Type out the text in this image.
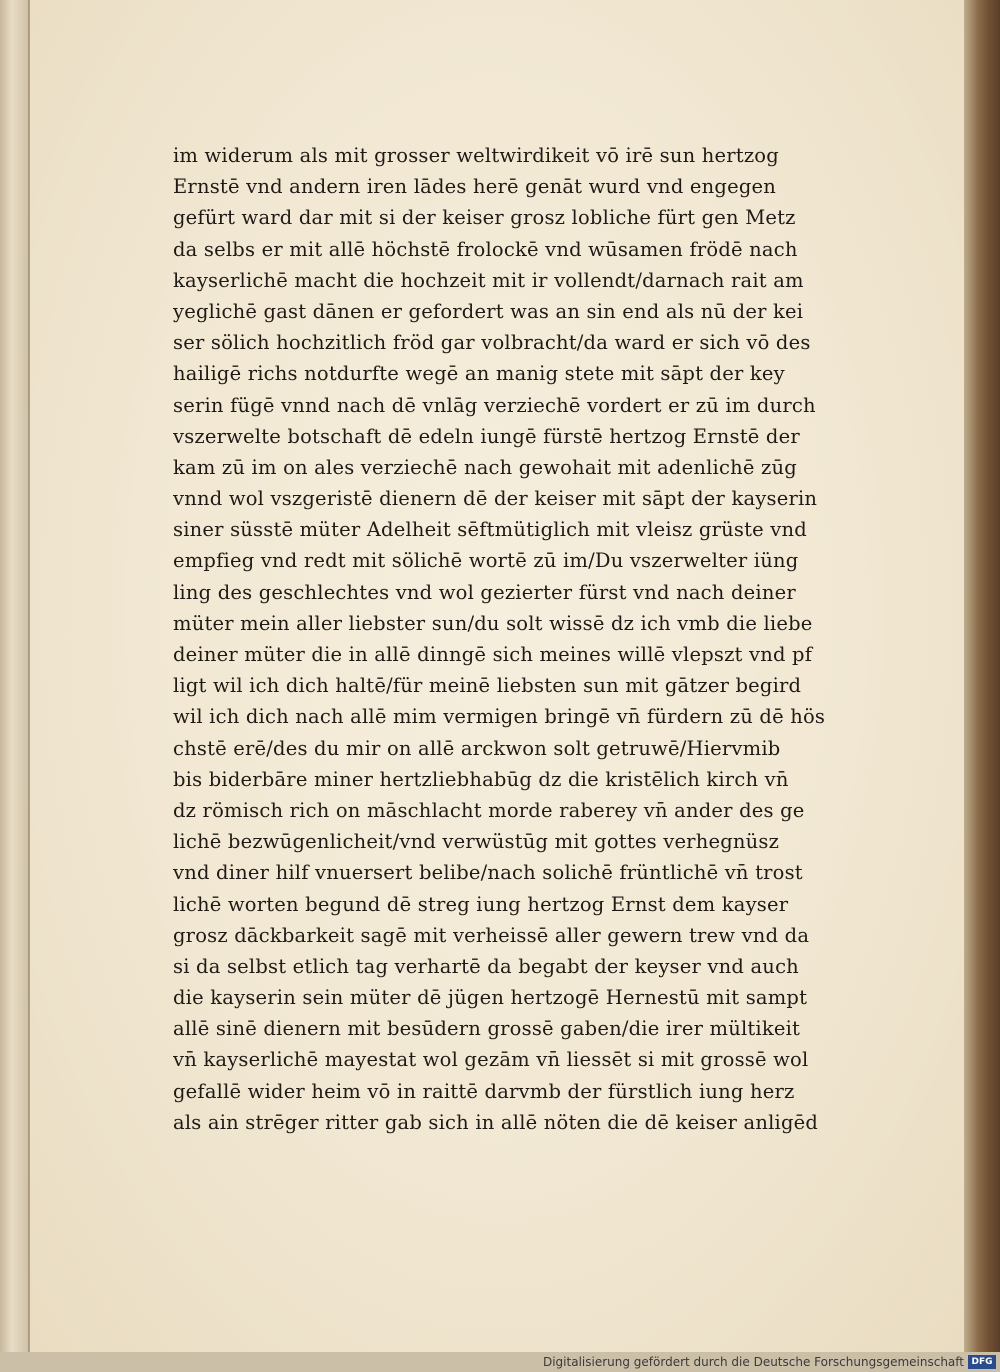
im widerum als mit grosser weltwirdikeit vō irē sun hertzog
Ernstē vnd andern iren lādes herē genāt wurd vnd engegen
gefürt ward dar mit si der keiser grosz lobliche fürt gen Metz
da selbs er mit allē höchstē frolockē vnd wūsamen frödē nach
kayserlichē macht die hochzeit mit ir vollendt/darnach rait am
yeglichē gast dānen er gefordert was an sin end als nū der kei
ser sölich hochzitlich fröd gar volbracht/da ward er sich vō des
hailigē richs notdurfte wegē an manig stete mit sāpt der key
serin fügē vnnd nach dē vnlāg verziechē vordert er zū im durch
vszerwelte botschaft dē edeln iungē fürstē hertzog Ernstē der
kam zū im on ales verziechē nach gewohait mit adenlichē zūg
vnnd wol vszgeristē dienern dē der keiser mit sāpt der kayserin
siner süsstē müter Adelheit sēftmütiglich mit vleisz grüste vnd
empfieg vnd redt mit sölichē wortē zū im/Du vszerwelter iüng
ling des geschlechtes vnd wol gezierter fürst vnd nach deiner
müter mein aller liebster sun/du solt wissē dz ich vmb die liebe
deiner müter die in allē dinngē sich meines willē vlepszt vnd pf
ligt wil ich dich haltē/für meinē liebsten sun mit gātzer begird
wil ich dich nach allē mim vermigen bringē vn̄ fürdern zū dē hös
chstē erē/des du mir on allē arckwon solt getruwē/Hiervmib
bis biderbāre miner hertzliebhabūg dz die kristēlich kirch vn̄
dz römisch rich on māschlacht morde raberey vn̄ ander des ge
lichē bezwūgenlicheit/vnd verwüstūg mit gottes verhegnüsz
vnd diner hilf vnuersert belibe/nach solichē früntlichē vn̄ trost
lichē worten begund dē streg iung hertzog Ernst dem kayser
grosz dāckbarkeit sagē mit verheissē aller gewern trew vnd da
si da selbst etlich tag verhartē da begabt der keyser vnd auch
die kayserin sein müter dē jügen hertzogē Hernestū mit sampt
allē sinē dienern mit besūdern grossē gaben/die irer mültikeit
vn̄ kayserlichē mayestat wol gezām vn̄ liessēt si mit grossē wol
gefallē wider heim vō in raittē darvmb der fürstlich iung herz
als ain strēger ritter gab sich in allē nöten die dē keiser anligēd
Digitalisierung gefördert durch die Deutsche Forschungsgemeinschaft DFG
